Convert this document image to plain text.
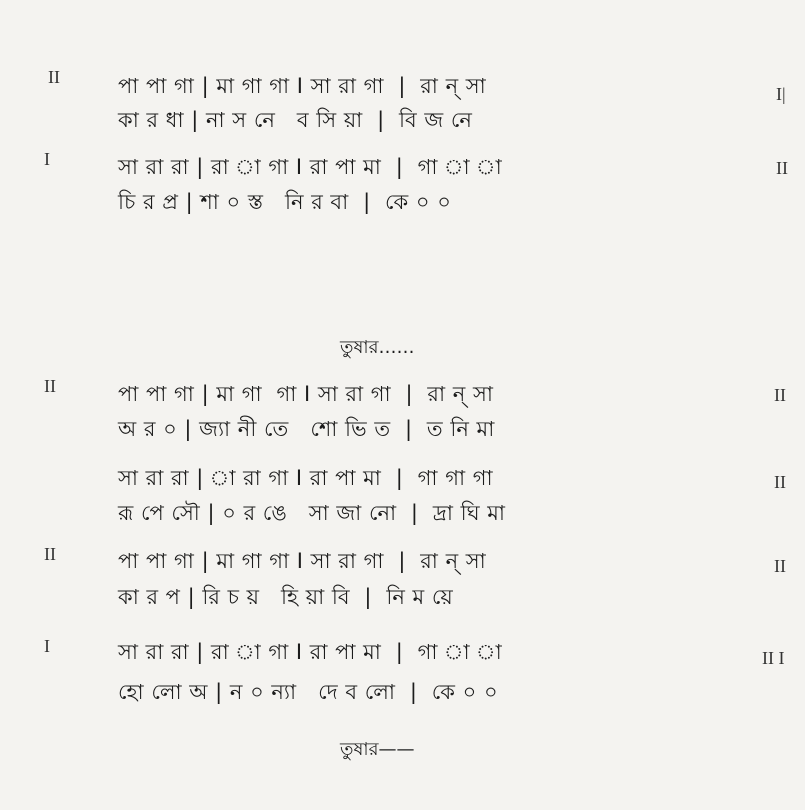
II	পা পা গা | মা গা গা I সা রা গা  |  রা ন্ সা
কা র ধা | না স নে   ব সি য়া  |  বি জ নে
I|
I	সা রা রা | রা া গা I রা পা মা  |  গা া া
চি র প্র | শা ০ স্ত   নি র বা  |  কে ০ ০
II
তুষার……
II	পা পা গা | মা গা  গা I সা রা গা  |  রা ন্ সা
অ র ০ | জ্যা নী তে   শো ভি ত  |  ত নি মা
II
সা রা রা | া রা গা I রা পা মা  |  গা গা গা
রূ পে সৌ | ০ র ঙে   সা জা নো  |  দ্রা ঘি মা
II
II	পা পা গা | মা গা গা I সা রা গা  |  রা ন্ সা
কা র প | রি চ য়   হি য়া বি  |  নি ম য়ে
II
I	সা রা রা | রা া গা I রা পা মা  |  গা া া
হো লো অ | ন ০ ন্যা   দে ব লো  |  কে ০ ০
II I
তুষার——
